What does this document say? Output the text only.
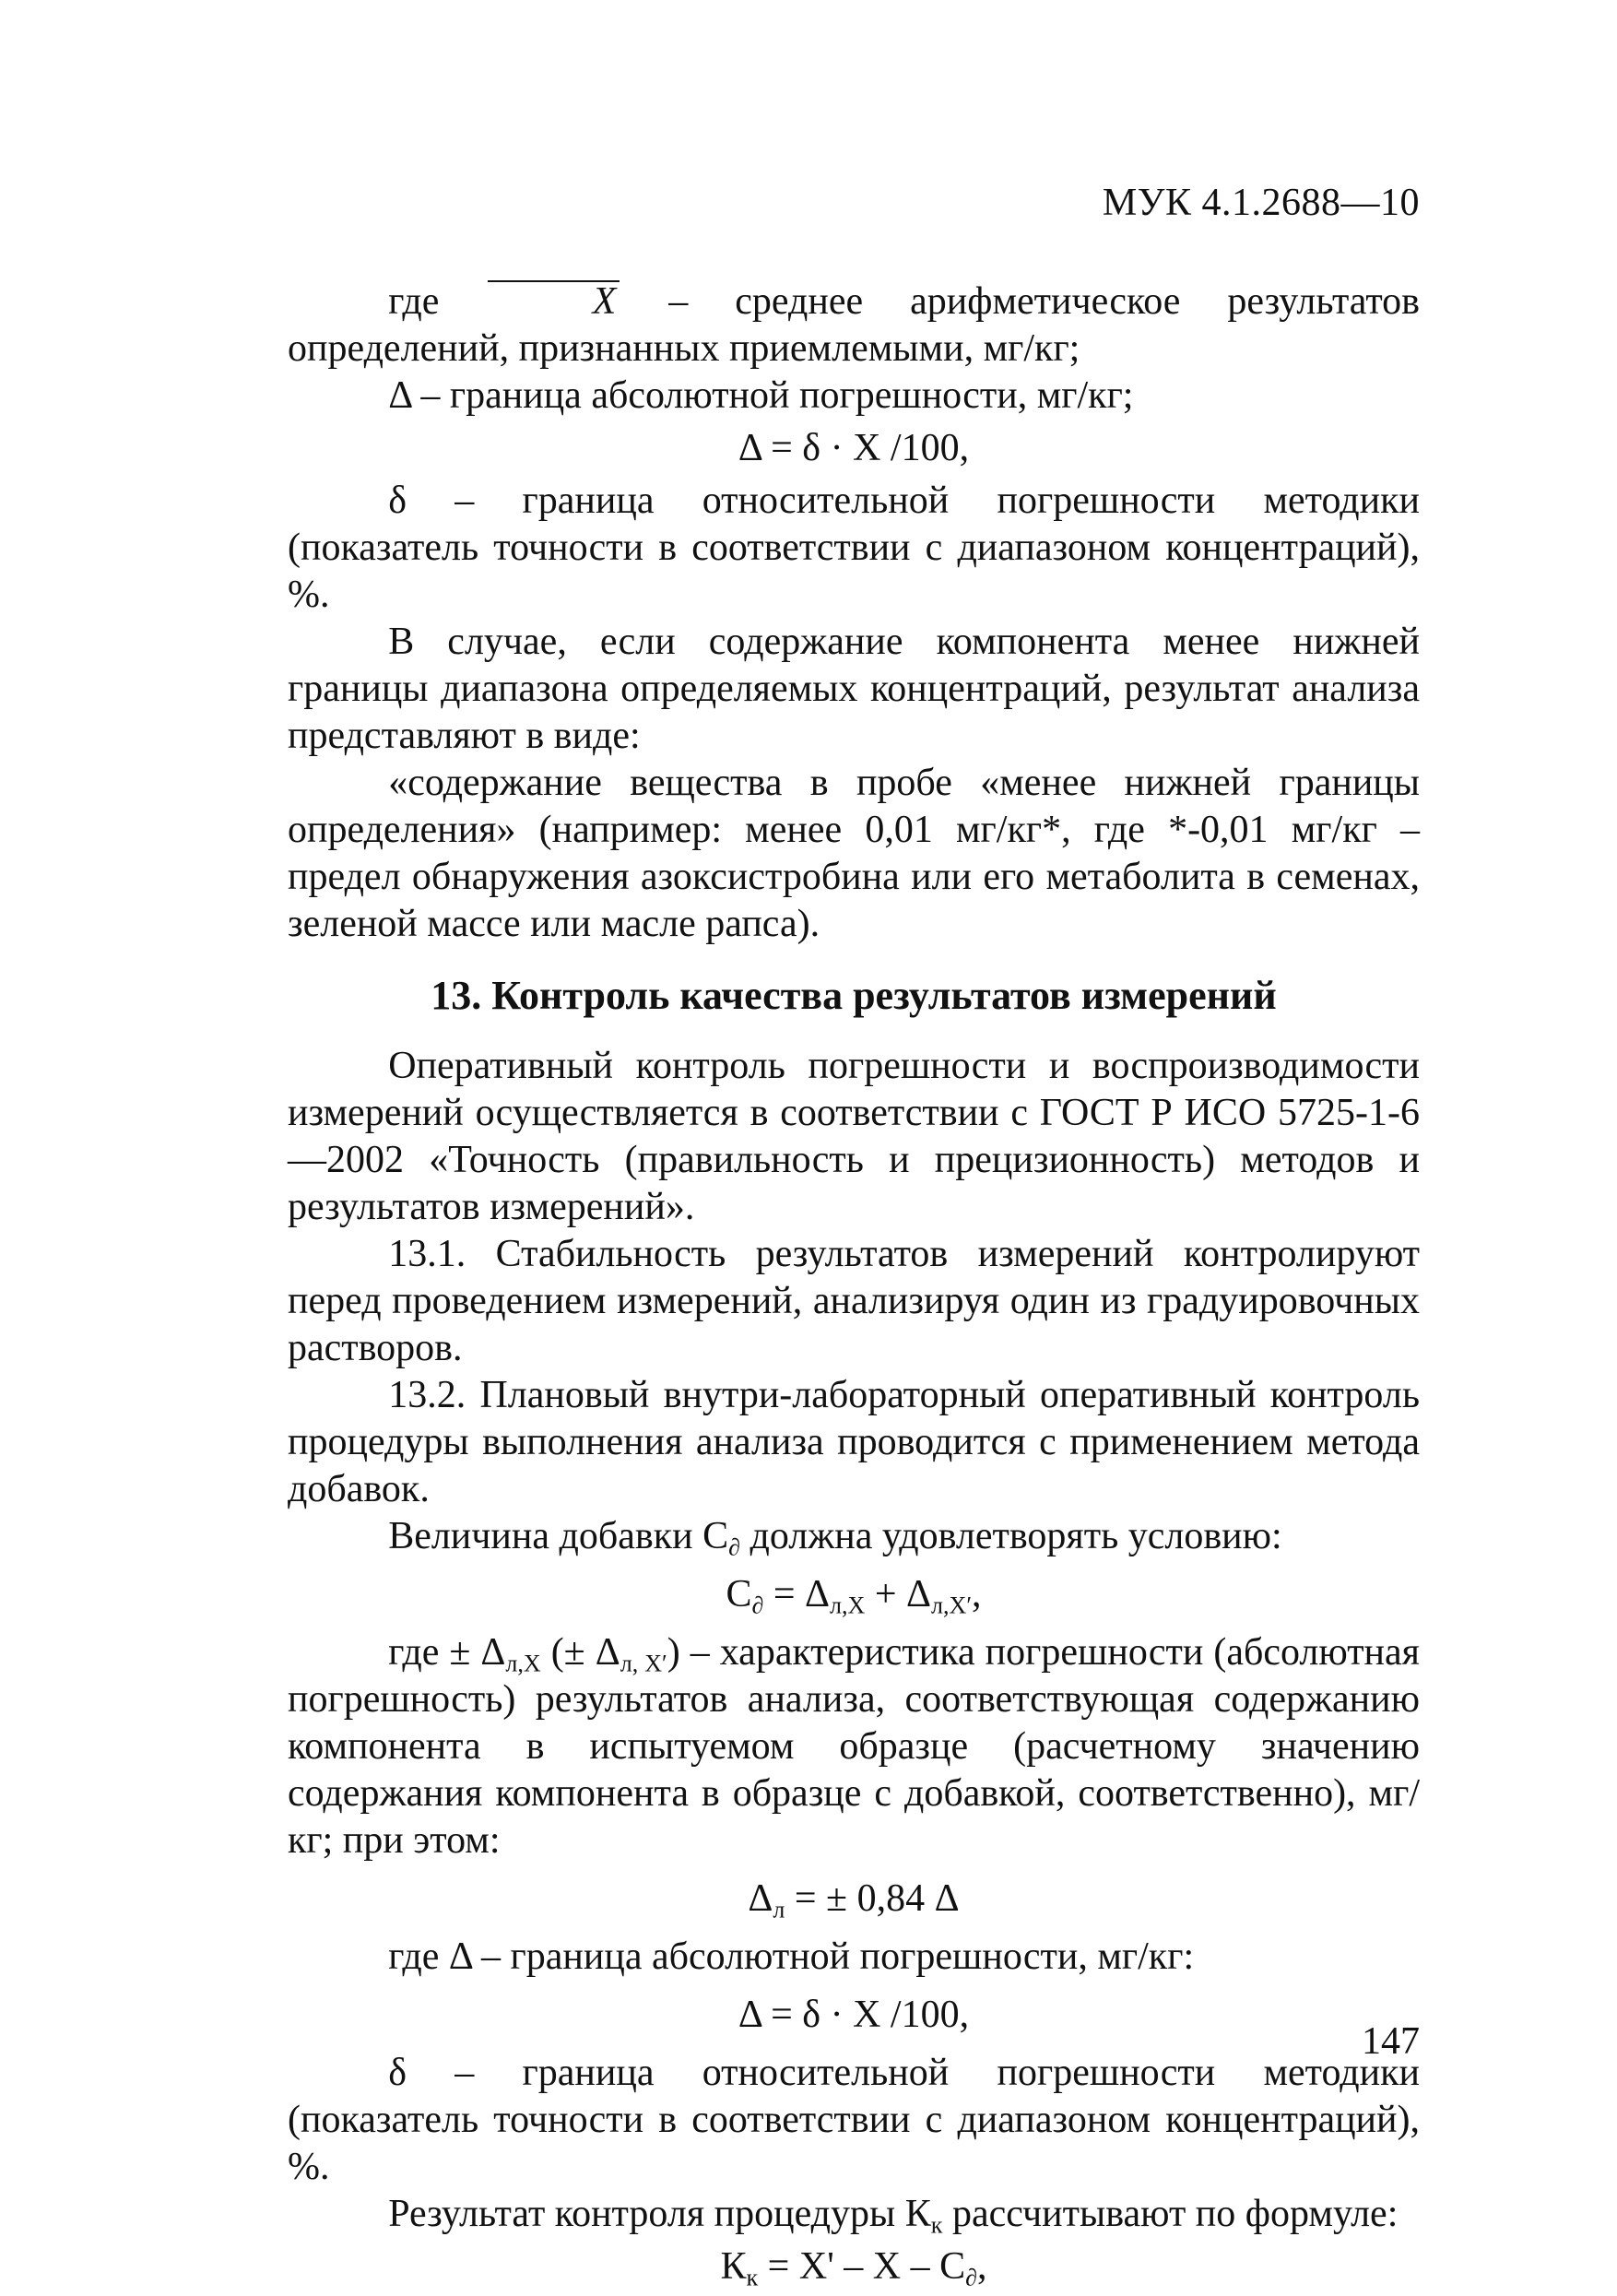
МУК 4.1.2688—10

где	X – среднее арифметическое результатов определений, признанных приемлемыми, мг/кг;

Δ – граница абсолютной погрешности, мг/кг;

Δ = δ · X /100,

δ – граница относительной погрешности методики (показатель точности в соответствии с диапазоном концентраций), %.

В случае, если содержание компонента менее нижней границы диапазона определяемых концентраций, результат анализа представляют в виде:

«содержание вещества в пробе «менее нижней границы определения» (например: менее 0,01 мг/кг*, где *-0,01 мг/кг – предел обнаружения азоксистробина или его метаболита в семенах, зеленой массе или масле рапса).

13. Контроль качества результатов измерений

Оперативный контроль погрешности и воспроизводимости измерений осуществляется в соответствии с ГОСТ Р ИСО 5725-1-6—2002 «Точность (правильность и прецизионность) методов и результатов измерений».

13.1. Стабильность результатов измерений контролируют перед проведением измерений, анализируя один из градуировочных растворов.

13.2. Плановый внутри-лабораторный оперативный контроль процедуры выполнения анализа проводится с применением метода добавок.

Величина добавки $С_\partial$ должна удовлетворять условию:

$С_\partial = \Delta_{л,Х} + \Delta_{л,Х'}$,

где ± $\Delta_{л,Х}$ (± $\Delta_{л, Х'}$) – характеристика погрешности (абсолютная погрешность) результатов анализа, соответствующая содержанию компонента в испытуемом образце (расчетному значению содержания компонента в образце с добавкой, соответственно), мг/кг; при этом:

$\Delta_л$ = ± 0,84 Δ

где Δ – граница абсолютной погрешности, мг/кг:

Δ = δ · X /100,

δ – граница относительной погрешности методики (показатель точности в соответствии с диапазоном концентраций), %.

Результат контроля процедуры $К_к$ рассчитывают по формуле:

$К_к = Х' - Х - С_\partial$,

147
